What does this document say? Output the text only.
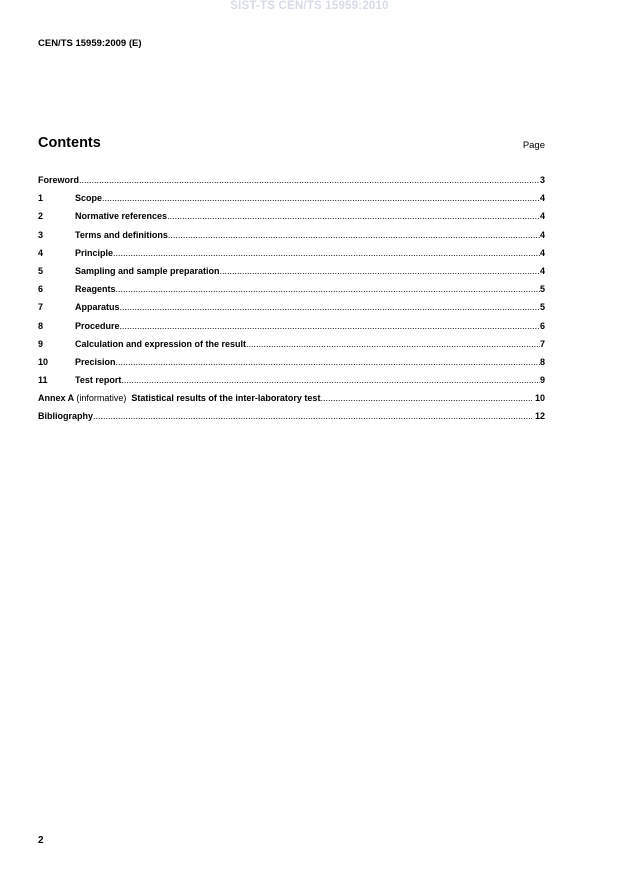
SIST-TS CEN/TS 15959:2010
CEN/TS 15959:2009 (E)
Contents	Page
Foreword .....	3
1	Scope .....	4
2	Normative references .....	4
3	Terms and definitions .....	4
4	Principle .....	4
5	Sampling and sample preparation .....	4
6	Reagents .....	5
7	Apparatus .....	5
8	Procedure .....	6
9	Calculation and expression of the result .....	7
10	Precision .....	8
11	Test report .....	9
Annex A (informative) Statistical results of the inter-laboratory test .....	10
Bibliography .....	12
2
